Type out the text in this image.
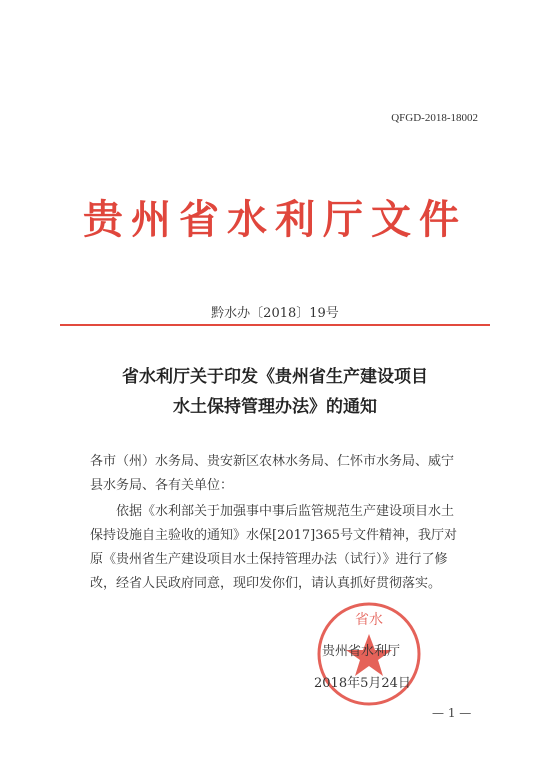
QFGD-2018-18002
贵州省水利厅文件
黔水办〔2018〕19号
省水利厅关于印发《贵州省生产建设项目
水土保持管理办法》的通知
各市（州）水务局、贵安新区农林水务局、仁怀市水务局、威宁
县水务局、各有关单位：
依据《水利部关于加强事中事后监管规范生产建设项目水土
保持设施自主验收的通知》水保[2017]365号文件精神，我厅对
原《贵州省生产建设项目水土保持管理办法（试行）》进行了修
改，经省人民政府同意，现印发你们，请认真抓好贯彻落实。
省水
贵州省水利厅
2018年5月24日
— 1 —
